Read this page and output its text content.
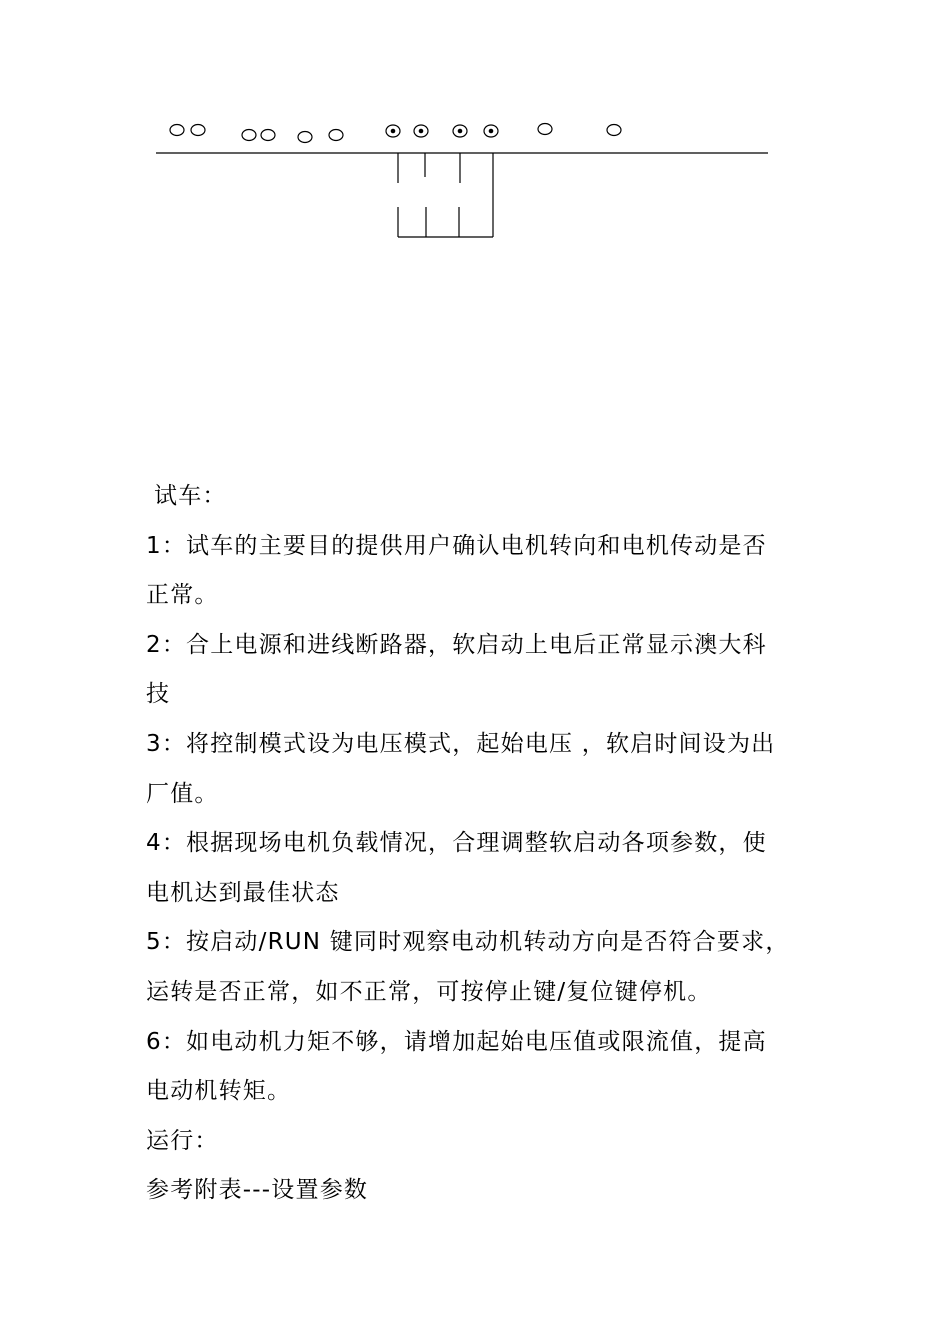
试车：

1：试车的主要目的提供用户确认电机转向和电机传动是否

正常。

2：合上电源和进线断路器，软启动上电后正常显示澳大科

技

3：将控制模式设为电压模式，起始电压 ，软启时间设为出

厂值。

4：根据现场电机负载情况，合理调整软启动各项参数，使

电机达到最佳状态

5：按启动/RUN 键同时观察电动机转动方向是否符合要求，

运转是否正常，如不正常，可按停止键/复位键停机。

6：如电动机力矩不够，请增加起始电压值或限流值，提高

电动机转矩。

运行：

参考附表---设置参数
